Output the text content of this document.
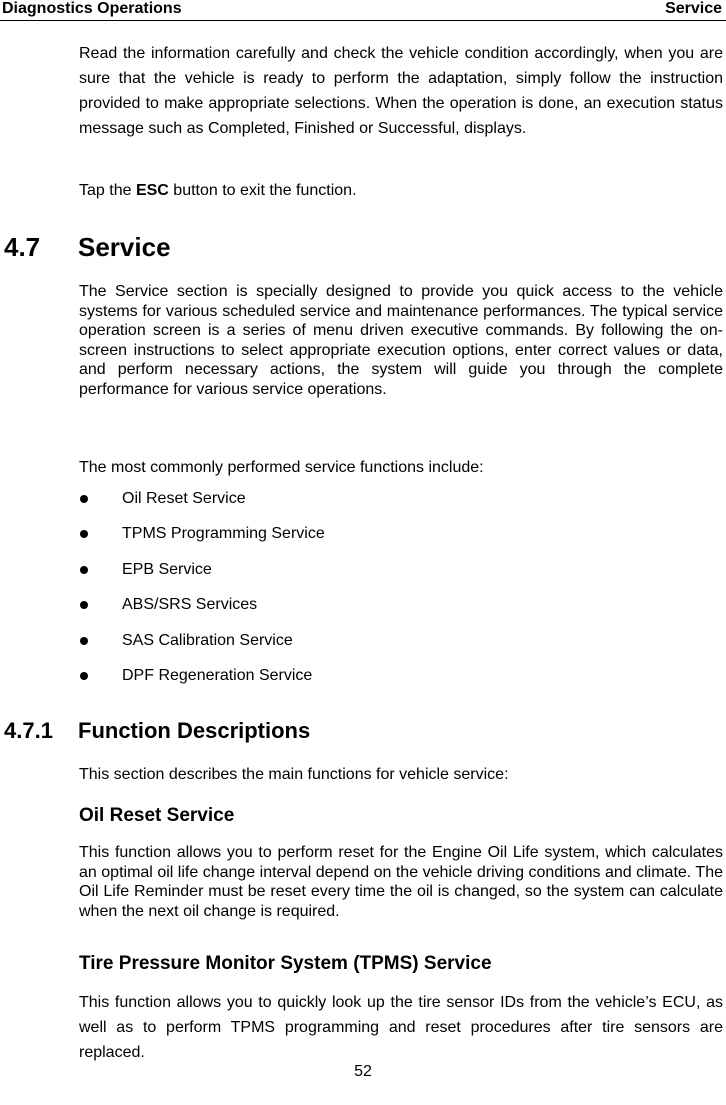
Diagnostics Operations	Service

Read the information carefully and check the vehicle condition accordingly, when you are sure that the vehicle is ready to perform the adaptation, simply follow the instruction provided to make appropriate selections. When the operation is done, an execution status message such as Completed, Finished or Successful, displays.

Tap the ESC button to exit the function.
4.7 Service

The Service section is specially designed to provide you quick access to the vehicle systems for various scheduled service and maintenance performances. The typical service operation screen is a series of menu driven executive commands. By following the on-screen instructions to select appropriate execution options, enter correct values or data, and perform necessary actions, the system will guide you through the complete performance for various service operations.

The most commonly performed service functions include:

Oil Reset Service
TPMS Programming Service
EPB Service
ABS/SRS Services
SAS Calibration Service
DPF Regeneration Service
4.7.1 Function Descriptions

This section describes the main functions for vehicle service:

Oil Reset Service

This function allows you to perform reset for the Engine Oil Life system, which calculates an optimal oil life change interval depend on the vehicle driving conditions and climate. The Oil Life Reminder must be reset every time the oil is changed, so the system can calculate when the next oil change is required.

Tire Pressure Monitor System (TPMS) Service

This function allows you to quickly look up the tire sensor IDs from the vehicle’s ECU, as well as to perform TPMS programming and reset procedures after tire sensors are replaced.

52
